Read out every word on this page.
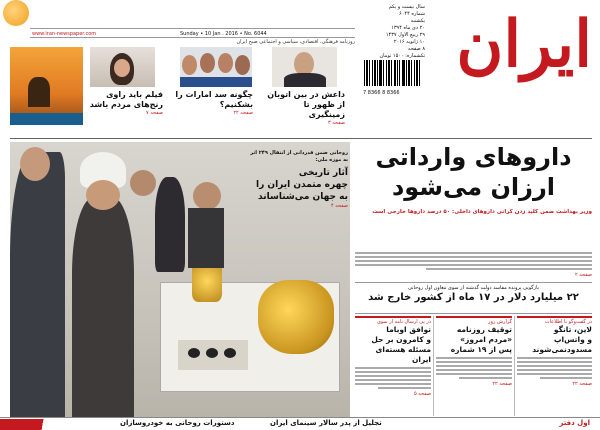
ایران
سال بیست و یکم
شماره ۶۰۴۴
یکشنبه
۲۰ دی ماه ۱۳۹۴
۲۹ ربیع الاول ۱۴۳۷
۱۰ ژانویه ۲۰۱۶
۸ صفحه
تکشماره: ۱۵۰۰ تومان
7 8366 8 8366
www.iran-newspaper.com	Sunday • 10 Jan . 2016 • No. 6044
روزنامه فرهنگی، اقتصادی، سیاسی و اجتماعی صبح ایران
فیلم باید راوی
رنج‌های مردم باشد
صفحه ۷
چگونه سد امارات را
بشکنیم؟
صفحه ۲۲
داعش در بین اتوبان
از ظهور تا زمینگیری
صفحه ۳
روحانی ضمن قدردانی از انتقال ۲۴۹ اثر به موزه ملی:
آثار تاریخی
چهره متمدن ایران را
به جهان می‌شناساند
صفحه ۴
داروهای وارداتی
ارزان می‌شود
وزیر بهداشت ضمن کلید زدن کرانی داروهای داخلی: ۵۰ درصد داروها خارجی است
صفحه ۲
بازگویی پرونده مفاسد دولت گذشته از سوی معاون اول روحانی
۲۲ میلیارد دلار در ۱۷ ماه از کشور خارج شد
در پی ارسال نامه از سوی
توافق اوباما
و کامرون بر حل
مسئله هسته‌ای ایران
صفحه ۵
گزارش روز
توقیف روزنامه
«مردم امروز»
پس از ۱۹ شماره
صفحه ۲۲
در گفت‌وگو با اطلاعات
لاین، تانگو
و واتس‌اپ
مسدودنمی‌شوند
صفحه ۲۲
اول دفتر
تجلیل از پدر سالار سینمای ایران
دستورات روحانی به خودروسازان
